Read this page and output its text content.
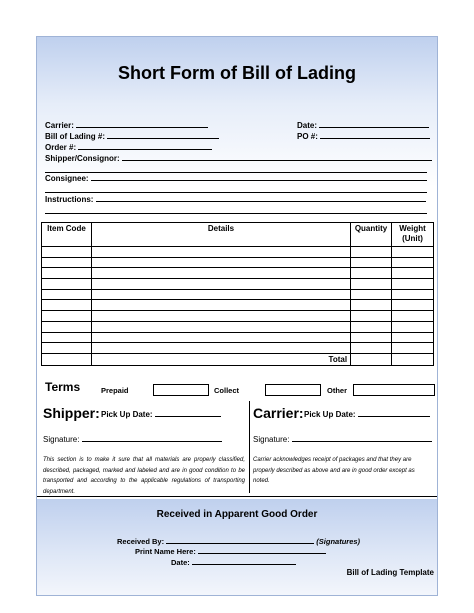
Short Form of Bill of Lading
Carrier:
Bill of Lading #:
Order #:
Shipper/Consignor:
Consignee:
Instructions:
Date:
PO #:
Item Code	Details	Quantity	Weight (Unit)

	Total		
Terms	Prepaid	Collect	Other
Shipper: Pick Up Date:	Carrier: Pick Up Date:
Signature:	Signature:
This section is to make it sure that all materials are properly classified, described, packaged, marked and labeled and are in good condition to be transported and according to the applicable regulations of transporting department.
Carrier acknowledges receipt of packages and that they are properly described as above and are in good order except as noted.
Received in Apparent Good Order
Received By:	(Signatures)
Print Name Here:
Date:
Bill of Lading Template
